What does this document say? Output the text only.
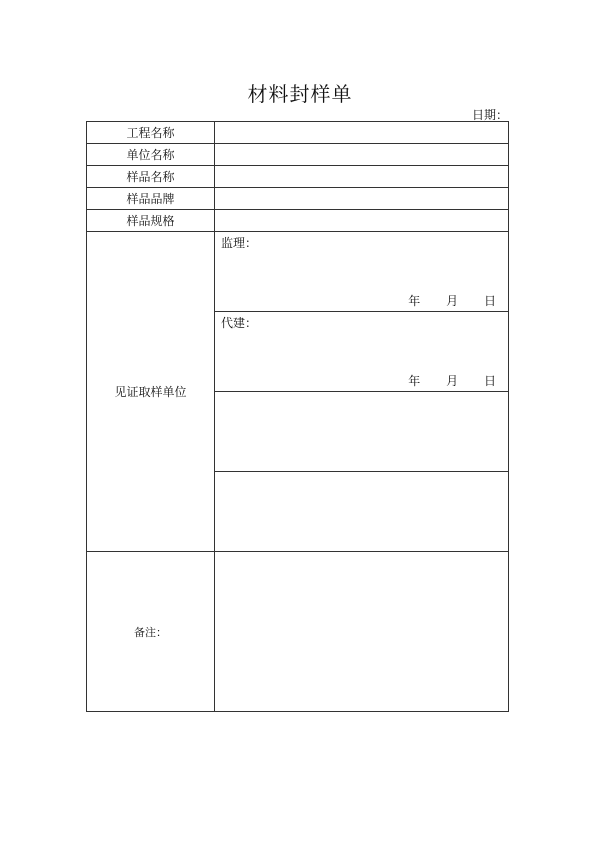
材料封样单
日期：
工程名称	
单位名称	
样品名称	
样品品牌	
样品规格	
见证取样单位	监理：
年 月 日

	代建：
年 月 日

备注：	
